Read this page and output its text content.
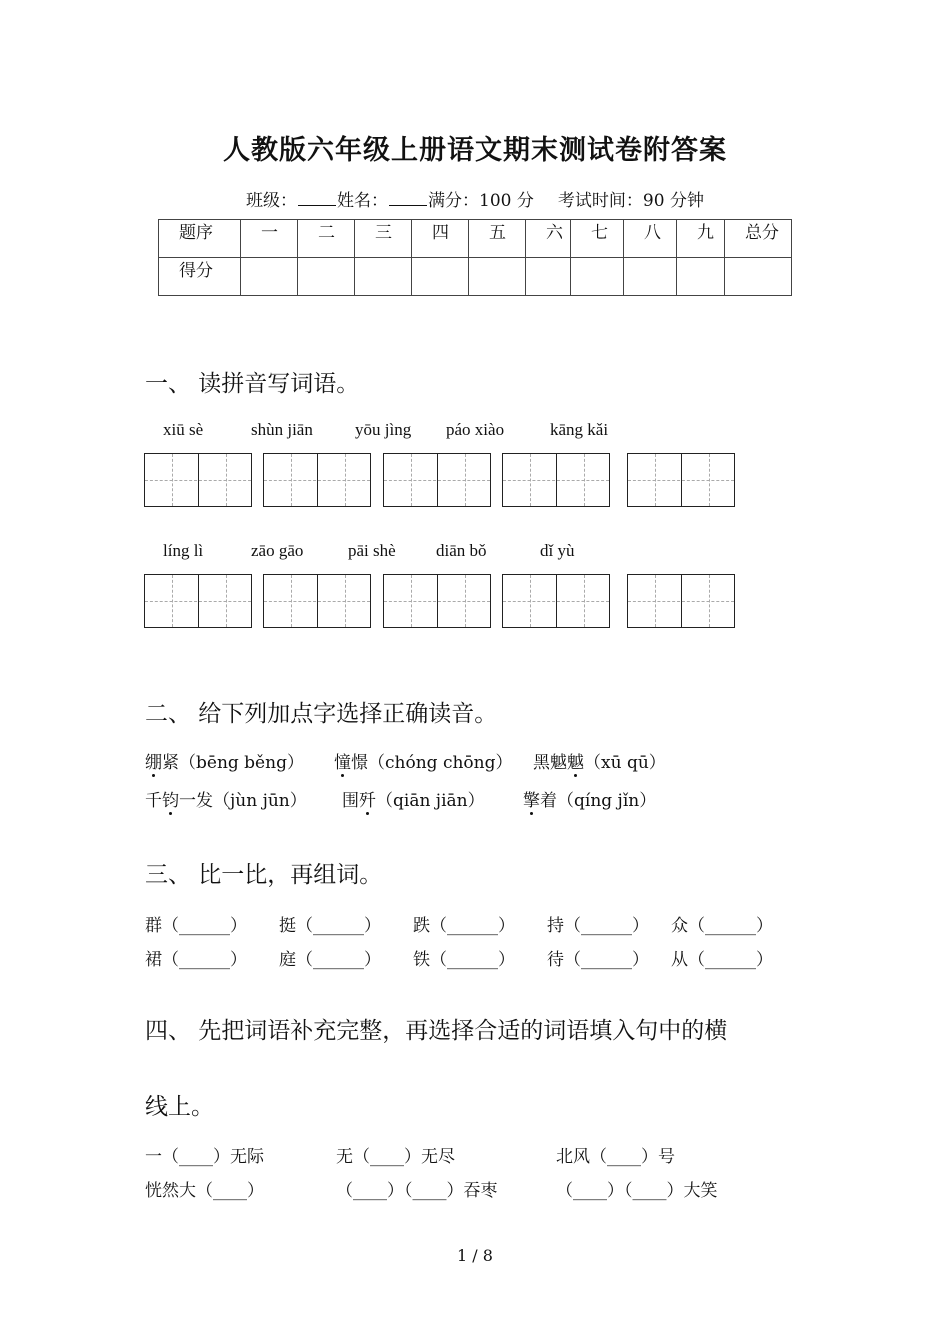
人教版六年级上册语文期末测试卷附答案
班级： 姓名： 满分：100 分 考试时间：90 分钟
题序	一	二	三	四	五	六	七	八	九	总分
得分										
一、 读拼音写词语。
xiū sè	shùn jiān yōu jìng páo xiào	kāng kǎi
líng lì	zāo gāo	pāi shè diān bǒ	dǐ yù
二、 给下列加点字选择正确读音。
绷紧（bēng běng） 憧憬（chóng chōng） 黑魆魆（xū qū）
千钧一发（jùn jūn） 围歼（qiān jiān） 擎着（qíng jǐn）
三、 比一比，再组词。
群（______） 挺（______） 跌（______） 持（______） 众（______）
裙（______） 庭（______） 铁（______） 待（______） 从（______）
四、 先把词语补充完整，再选择合适的词语填入句中的横
线上。
一（____）无际	无（____）无尽	北风（____）号
恍然大（____）	（____）（____）吞枣	（____）（____）大笑
1 / 8
